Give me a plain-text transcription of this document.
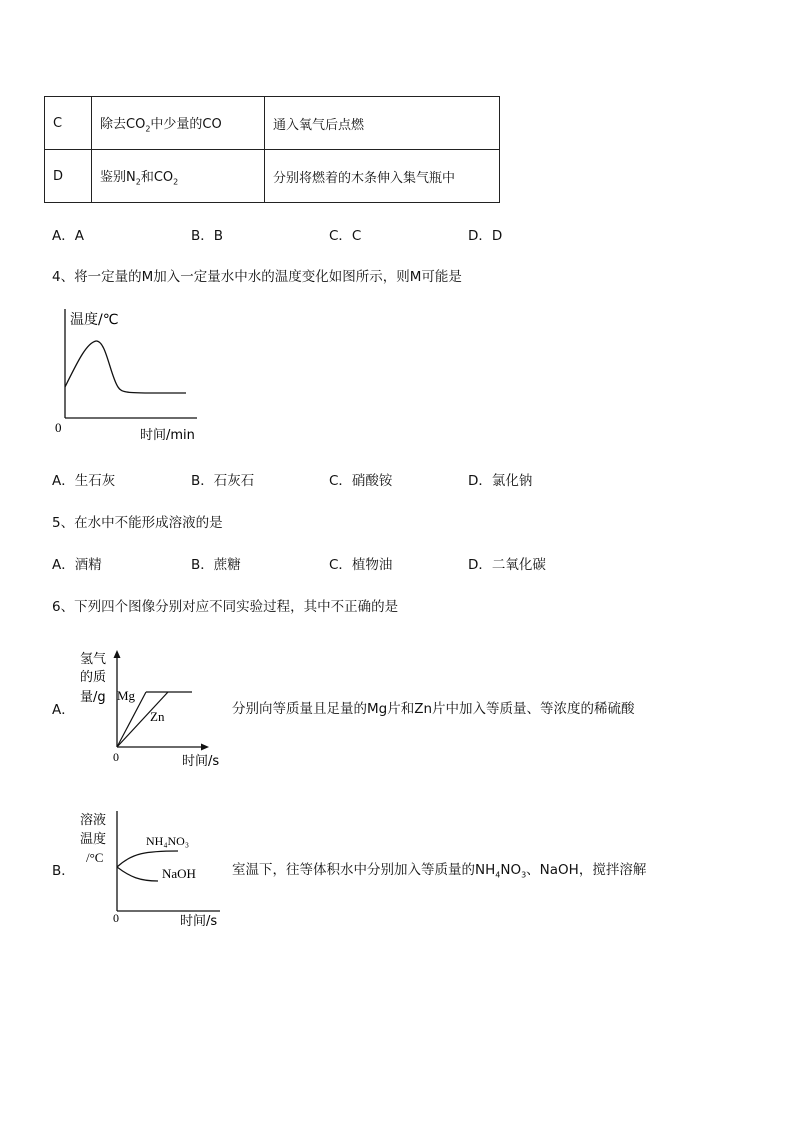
C	除去$CO_2$中少量的CO	通入氧气后点燃
D	鉴别$N_2$和$CO_2$	分别将燃着的木条伸入集气瓶中
A．A	B．B	C．C	D．D
4、将一定量的M加入一定量水中水的温度变化如图所示，则M可能是
温度/℃
0
时间/min
A．生石灰	B．石灰石	C．硝酸铵	D．氯化钠
5、在水中不能形成溶液的是
A．酒精	B．蔗糖	C．植物油	D．二氧化碳
6、下列四个图像分别对应不同实验过程，其中不正确的是
A．
氢气
的质
量/g Mg
Zn
0	时间/s
分别向等质量且足量的Mg片和Zn片中加入等质量、等浓度的稀硫酸
B．
溶液
温度
/°C
NH₄NO₃
NaOH
0	时间/s
室温下，往等体积水中分别加入等质量的$NH_4NO_3$、NaOH，搅拌溶解
